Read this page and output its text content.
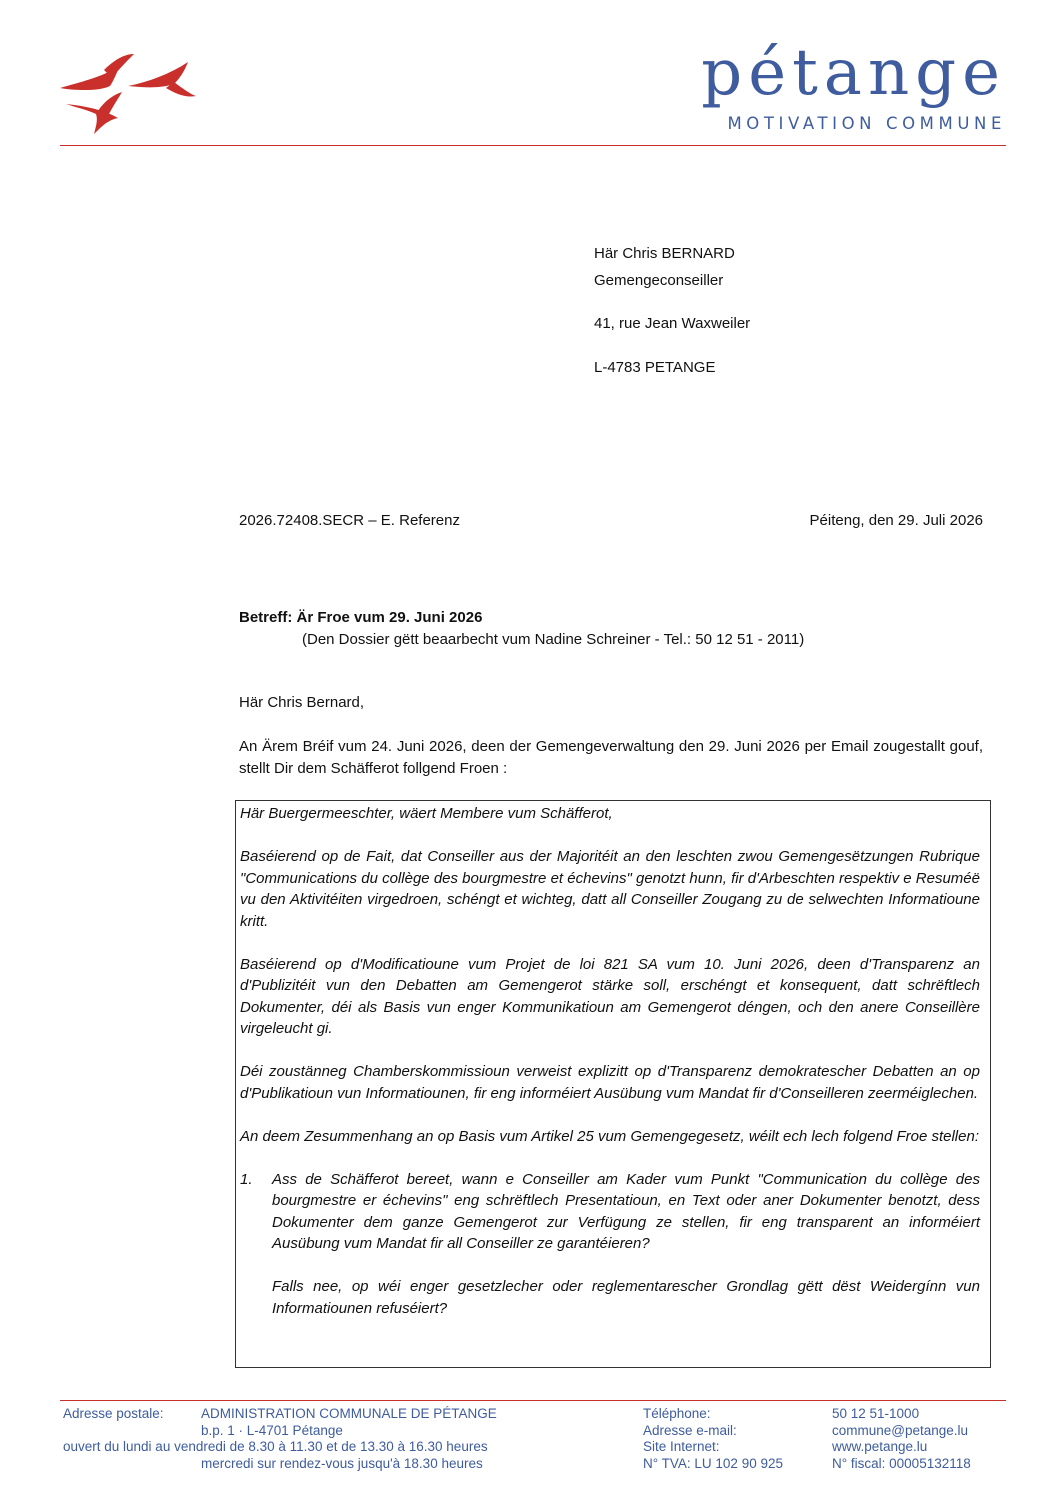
pétange
MOTIVATION COMMUNE
Här Chris BERNARD
Gemengeconseiller
41, rue Jean Waxweiler
L-4783 PETANGE
2026.72408.SECR – E. Referenz	Péiteng, den 29. Juli 2026
Betreff: Är Froe vum 29. Juni 2026
(Den Dossier gëtt beaarbecht vum Nadine Schreiner - Tel.: 50 12 51 - 2011)
Här Chris Bernard,
An Ärem Bréif vum 24. Juni 2026, deen der Gemengeverwaltung den 29. Juni 2026 per Email zougestallt gouf, stellt Dir dem Schäfferot follgend Froen :

Här Buergermeeschter, wäert Membere vum Schäfferot,

Baséierend op de Fait, dat Conseiller aus der Majoritéit an den leschten zwou Gemengesëtzungen Rubrique "Communications du collège des bourgmestre et échevins" genotzt hunn, fir d'Arbeschten respektiv e Resuméë vu den Aktivitéiten virgedroen, schéngt et wichteg, datt all Conseiller Zougang zu de selwechten Informatioune kritt.

Baséierend op d'Modificatioune vum Projet de loi 821 SA vum 10. Juni 2026, deen d'Transparenz an d'Publizitéit vun den Debatten am Gemengerot stärke soll, erschéngt et konsequent, datt schrëftlech Dokumenter, déi als Basis vun enger Kommunikatioun am Gemengerot déngen, och den anere Conseillère virgeleucht gi.

Déi zoustänneg Chamberskommissioun verweist explizitt op d'Transparenz demokratescher Debatten an op d'Publikatioun vun Informatiounen, fir eng informéiert Ausübung vum Mandat fir d'Conseilleren zeerméiglechen.

An deem Zesummenhang an op Basis vum Artikel 25 vum Gemengegesetz, wéilt ech lech folgend Froe stellen:

1.	Ass de Schäfferot bereet, wann e Conseiller am Kader vum Punkt "Communication du collège des bourgmestre er échevins" eng schrëftlech Presentatioun, en Text oder aner Dokumenter benotzt, dess Dokumenter dem ganze Gemengerot zur Verfügung ze stellen, fir eng transparent an informéiert Ausübung vum Mandat fir all Conseiller ze garantéieren?

Falls nee, op wéi enger gesetzlecher oder reglementarescher Grondlag gëtt dëst Weidergínn vun Informatiounen refuséiert?

Adresse postale:

ouvert du lundi au vendredi de 8.30 à 11.30 et de 13.30 à 16.30 heures
ADMINISTRATION COMMUNALE DE PÉTANGE
b.p. 1 · L-4701 Pétange

mercredi sur rendez-vous jusqu'à 18.30 heures
Téléphone:
Adresse e-mail:
Site Internet:
N° TVA: LU 102 90 925
50 12 51-1000
commune@petange.lu
www.petange.lu
N° fiscal: 00005132118
